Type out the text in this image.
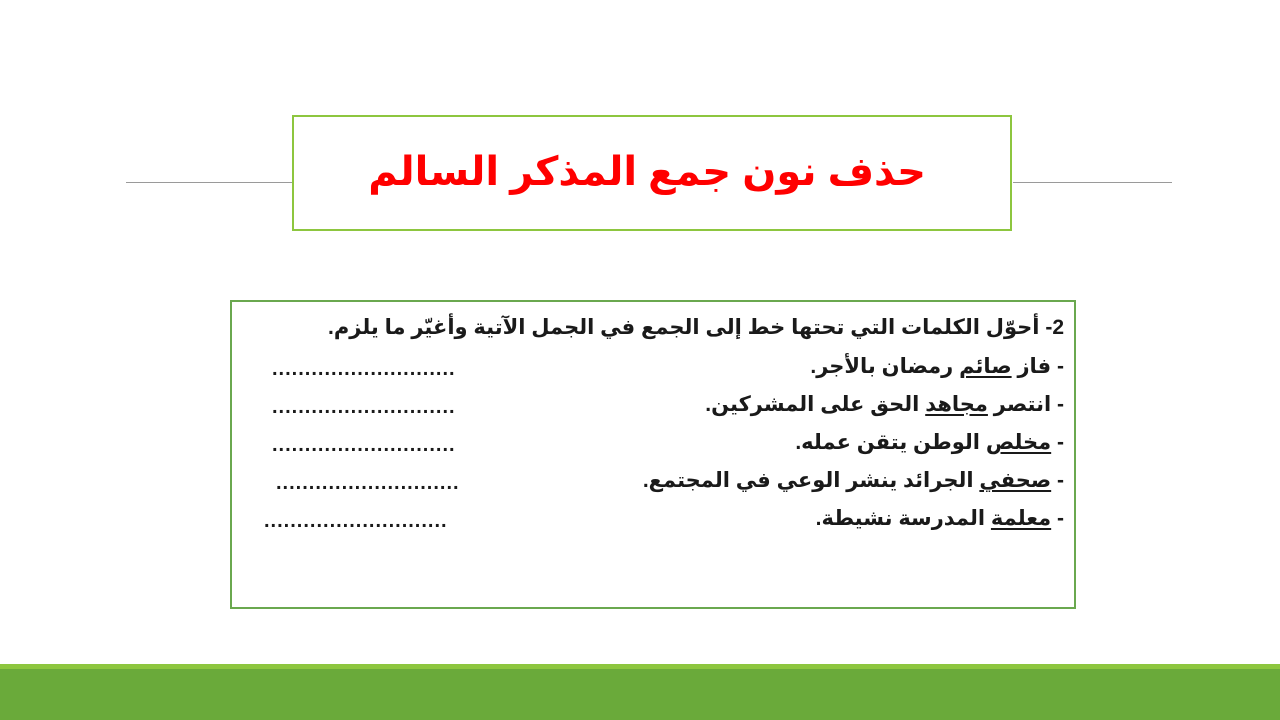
حذف نون جمع المذكر السالم
2- أحوّل الكلمات التي تحتها خط إلى الجمع في الجمل الآتية وأغيّر ما يلزم.
- فاز صائم رمضان بالأجر.
............................
- انتصر مجاهد الحق على المشركين.
............................
- مخلص الوطن يتقن عمله.
............................
- صحفي الجرائد ينشر الوعي في المجتمع.
............................
- معلمة المدرسة نشيطة.
............................
